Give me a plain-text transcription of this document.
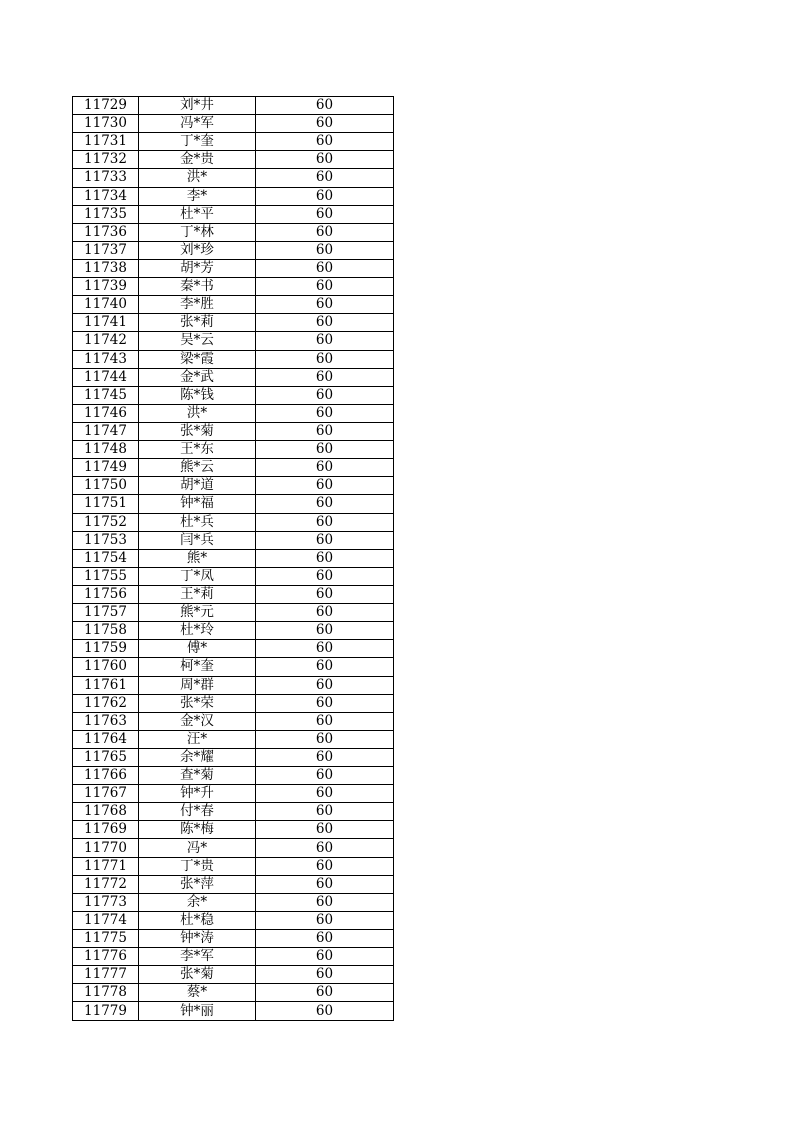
11729	刘*井	60
11730	冯*军	60
11731	丁*奎	60
11732	金*贵	60
11733	洪*	60
11734	李*	60
11735	杜*平	60
11736	丁*林	60
11737	刘*珍	60
11738	胡*芳	60
11739	秦*书	60
11740	李*胜	60
11741	张*莉	60
11742	吴*云	60
11743	梁*霞	60
11744	金*武	60
11745	陈*钱	60
11746	洪*	60
11747	张*菊	60
11748	王*东	60
11749	熊*云	60
11750	胡*道	60
11751	钟*福	60
11752	杜*兵	60
11753	闫*兵	60
11754	熊*	60
11755	丁*凤	60
11756	王*莉	60
11757	熊*元	60
11758	杜*玲	60
11759	傅*	60
11760	柯*奎	60
11761	周*群	60
11762	张*荣	60
11763	金*汉	60
11764	汪*	60
11765	余*耀	60
11766	查*菊	60
11767	钟*升	60
11768	付*春	60
11769	陈*梅	60
11770	冯*	60
11771	丁*贵	60
11772	张*萍	60
11773	余*	60
11774	杜*稳	60
11775	钟*涛	60
11776	李*军	60
11777	张*菊	60
11778	蔡*	60
11779	钟*丽	60
